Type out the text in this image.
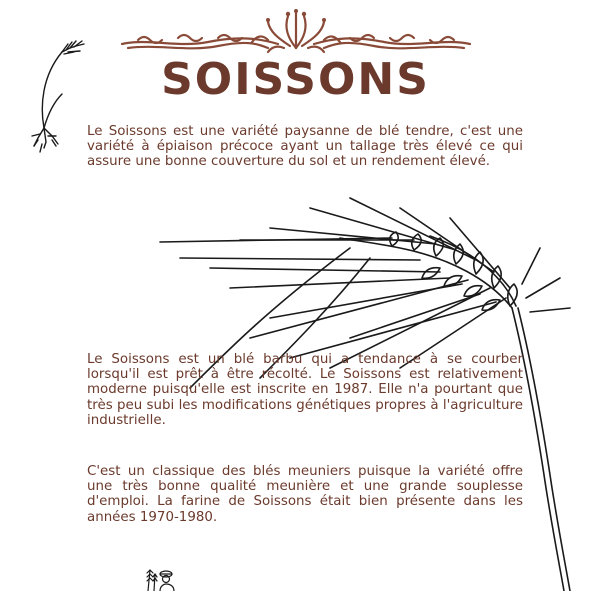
SOISSONS

Le Soissons est une variété paysanne de blé tendre, c'est une variété à épiaison précoce ayant un tallage très élevé ce qui assure une bonne couverture du sol et un rendement élevé.

Le Soissons est un blé barbu qui a tendance à se courber lorsqu'il est prêt à être récolté. Le Soissons est relativement moderne puisqu'elle est inscrite en 1987. Elle n'a pourtant que très peu subi les modifications génétiques propres à l'agriculture industrielle.

C'est un classique des blés meuniers puisque la variété offre une très bonne qualité meunière et une grande souplesse d'emploi. La farine de Soissons était bien présente dans les années 1970-1980.
